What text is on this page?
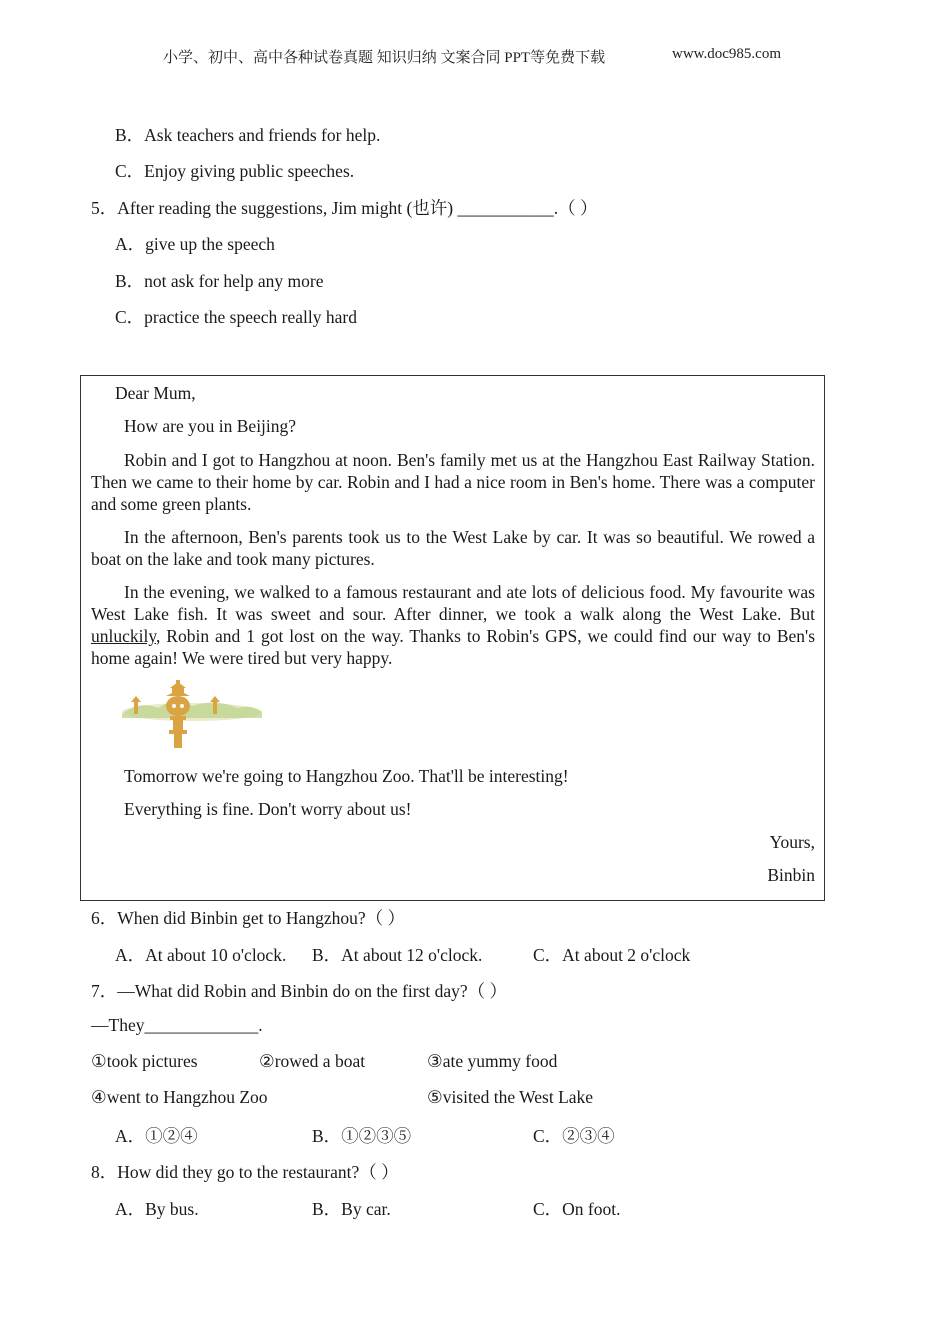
小学、初中、高中各种试卷真题 知识归纳 文案合同 PPT等免费下载	www.doc985.com
B．Ask teachers and friends for help.
C．Enjoy giving public speeches.
5．After reading the suggestions, Jim might (也许) ___________.（ ）
A．give up the speech
B．not ask for help any more
C．practice the speech really hard
Dear Mum,
How are you in Beijing?
Robin and I got to Hangzhou at noon. Ben's family met us at the Hangzhou East Railway Station. Then we came to their home by car. Robin and I had a nice room in Ben's home. There was a computer and some green plants.
In the afternoon, Ben's parents took us to the West Lake by car. It was so beautiful. We rowed a boat on the lake and took many pictures.
In the evening, we walked to a famous restaurant and ate lots of delicious food. My favourite was West Lake fish. It was sweet and sour. After dinner, we took a walk along the West Lake. But unluckily, Robin and 1 got lost on the way. Thanks to Robin's GPS, we could find our way to Ben's home again! We were tired but very happy.
Tomorrow we're going to Hangzhou Zoo. That'll be interesting!
Everything is fine. Don't worry about us!
Yours,
Binbin
6．When did Binbin get to Hangzhou?（ ）
A．At about 10 o'clock. B．At about 12 o'clock.	C．At about 2 o'clock
7．—What did Robin and Binbin do on the first day?（ ）
—They_____________.
①took pictures	②rowed a boat	③ate yummy food
④went to Hangzhou Zoo	⑤visited the West Lake
A．①②④	B．①②③⑤	C．②③④
8．How did they go to the restaurant?（ ）
A．By bus.	B．By car.	C．On foot.
